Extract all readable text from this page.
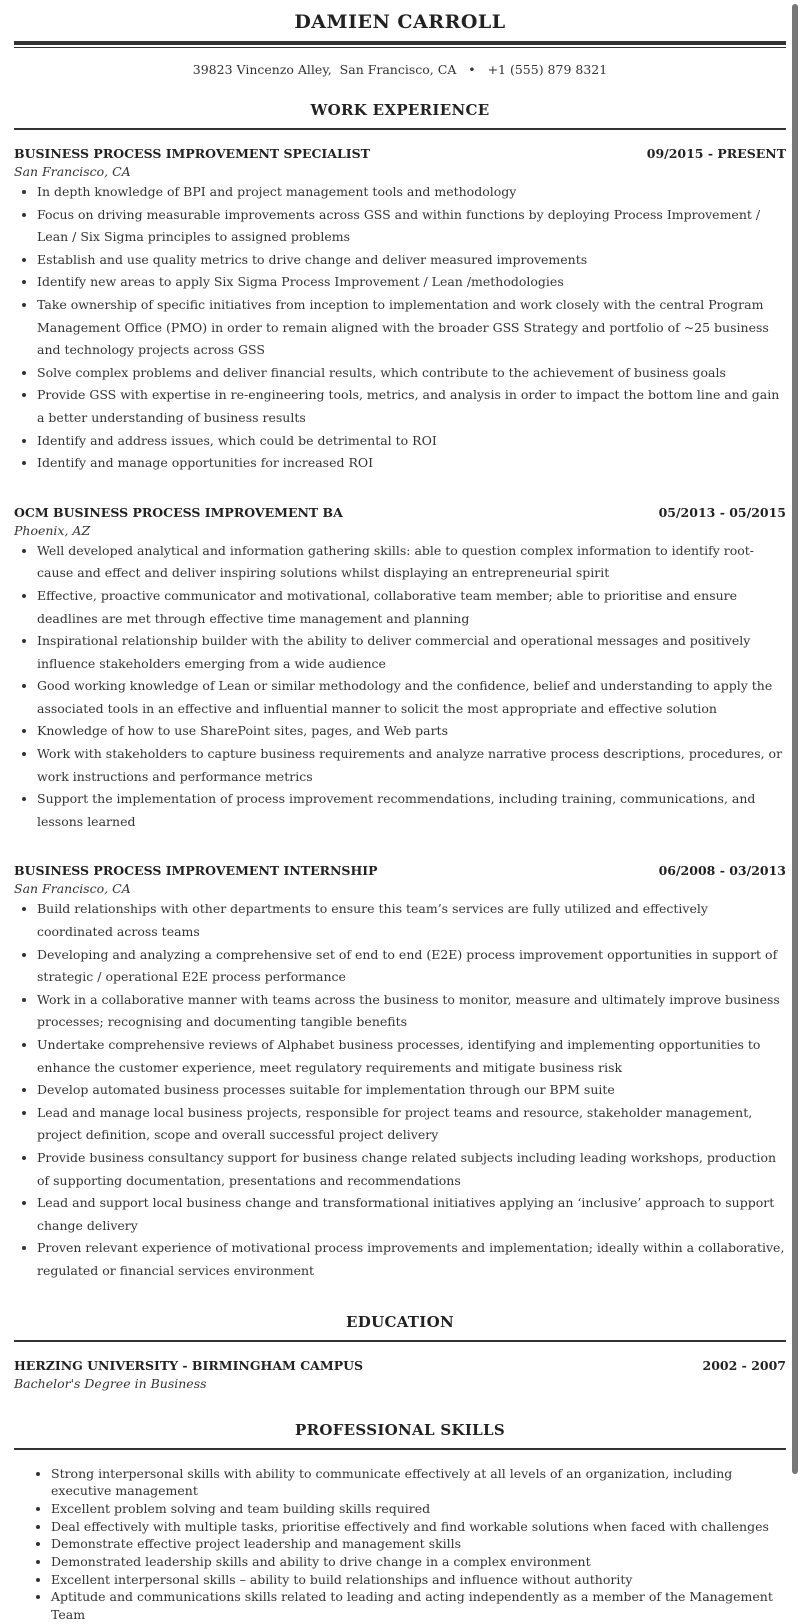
DAMIEN CARROLL
39823 Vincenzo Alley, San Francisco, CA • +1 (555) 879 8321
WORK EXPERIENCE
BUSINESS PROCESS IMPROVEMENT SPECIALIST	09/2015 - PRESENT
San Francisco, CA
• In depth knowledge of BPI and project management tools and methodology
• Focus on driving measurable improvements across GSS and within functions by deploying Process Improvement / Lean / Six Sigma principles to assigned problems
• Establish and use quality metrics to drive change and deliver measured improvements
• Identify new areas to apply Six Sigma Process Improvement / Lean /methodologies
• Take ownership of specific initiatives from inception to implementation and work closely with the central Program Management Office (PMO) in order to remain aligned with the broader GSS Strategy and portfolio of ~25 business and technology projects across GSS
• Solve complex problems and deliver financial results, which contribute to the achievement of business goals
• Provide GSS with expertise in re-engineering tools, metrics, and analysis in order to impact the bottom line and gain a better understanding of business results
• Identify and address issues, which could be detrimental to ROI
• Identify and manage opportunities for increased ROI
OCM BUSINESS PROCESS IMPROVEMENT BA	05/2013 - 05/2015
Phoenix, AZ
• Well developed analytical and information gathering skills: able to question complex information to identify root-cause and effect and deliver inspiring solutions whilst displaying an entrepreneurial spirit
• Effective, proactive communicator and motivational, collaborative team member; able to prioritise and ensure deadlines are met through effective time management and planning
• Inspirational relationship builder with the ability to deliver commercial and operational messages and positively influence stakeholders emerging from a wide audience
• Good working knowledge of Lean or similar methodology and the confidence, belief and understanding to apply the associated tools in an effective and influential manner to solicit the most appropriate and effective solution
• Knowledge of how to use SharePoint sites, pages, and Web parts
• Work with stakeholders to capture business requirements and analyze narrative process descriptions, procedures, or work instructions and performance metrics
• Support the implementation of process improvement recommendations, including training, communications, and lessons learned
BUSINESS PROCESS IMPROVEMENT INTERNSHIP	06/2008 - 03/2013
San Francisco, CA
• Build relationships with other departments to ensure this team’s services are fully utilized and effectively coordinated across teams
• Developing and analyzing a comprehensive set of end to end (E2E) process improvement opportunities in support of strategic / operational E2E process performance
• Work in a collaborative manner with teams across the business to monitor, measure and ultimately improve business processes; recognising and documenting tangible benefits
• Undertake comprehensive reviews of Alphabet business processes, identifying and implementing opportunities to enhance the customer experience, meet regulatory requirements and mitigate business risk
• Develop automated business processes suitable for implementation through our BPM suite
• Lead and manage local business projects, responsible for project teams and resource, stakeholder management, project definition, scope and overall successful project delivery
• Provide business consultancy support for business change related subjects including leading workshops, production of supporting documentation, presentations and recommendations
• Lead and support local business change and transformational initiatives applying an ‘inclusive’ approach to support change delivery
• Proven relevant experience of motivational process improvements and implementation; ideally within a collaborative, regulated or financial services environment
EDUCATION
HERZING UNIVERSITY - BIRMINGHAM CAMPUS	2002 - 2007
Bachelor's Degree in Business
PROFESSIONAL SKILLS
• Strong interpersonal skills with ability to communicate effectively at all levels of an organization, including executive management
• Excellent problem solving and team building skills required
• Deal effectively with multiple tasks, prioritise effectively and find workable solutions when faced with challenges
• Demonstrate effective project leadership and management skills
• Demonstrated leadership skills and ability to drive change in a complex environment
• Excellent interpersonal skills – ability to build relationships and influence without authority
• Aptitude and communications skills related to leading and acting independently as a member of the Management Team
